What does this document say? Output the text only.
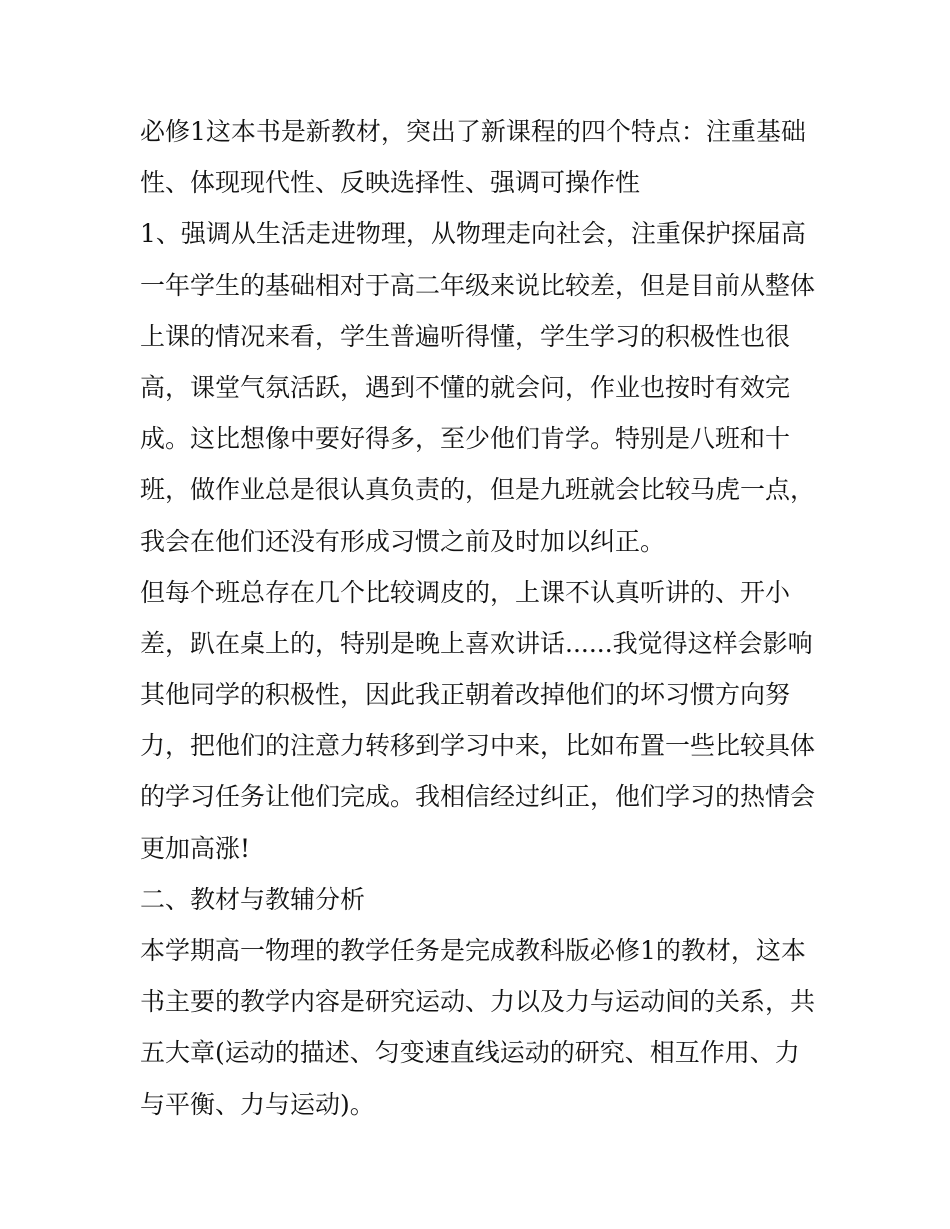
必修1这本书是新教材，突出了新课程的四个特点：注重基础
性、体现现代性、反映选择性、强调可操作性
1、强调从生活走进物理，从物理走向社会，注重保护探届高
一年学生的基础相对于高二年级来说比较差，但是目前从整体
上课的情况来看，学生普遍听得懂，学生学习的积极性也很
高，课堂气氛活跃，遇到不懂的就会问，作业也按时有效完
成。这比想像中要好得多，至少他们肯学。特别是八班和十
班，做作业总是很认真负责的，但是九班就会比较马虎一点，
我会在他们还没有形成习惯之前及时加以纠正。
但每个班总存在几个比较调皮的，上课不认真听讲的、开小
差，趴在桌上的，特别是晚上喜欢讲话......我觉得这样会影响
其他同学的积极性，因此我正朝着改掉他们的坏习惯方向努
力，把他们的注意力转移到学习中来，比如布置一些比较具体
的学习任务让他们完成。我相信经过纠正，他们学习的热情会
更加高涨!
二、教材与教辅分析
本学期高一物理的教学任务是完成教科版必修1的教材，这本
书主要的教学内容是研究运动、力以及力与运动间的关系，共
五大章(运动的描述、匀变速直线运动的研究、相互作用、力
与平衡、力与运动)。
